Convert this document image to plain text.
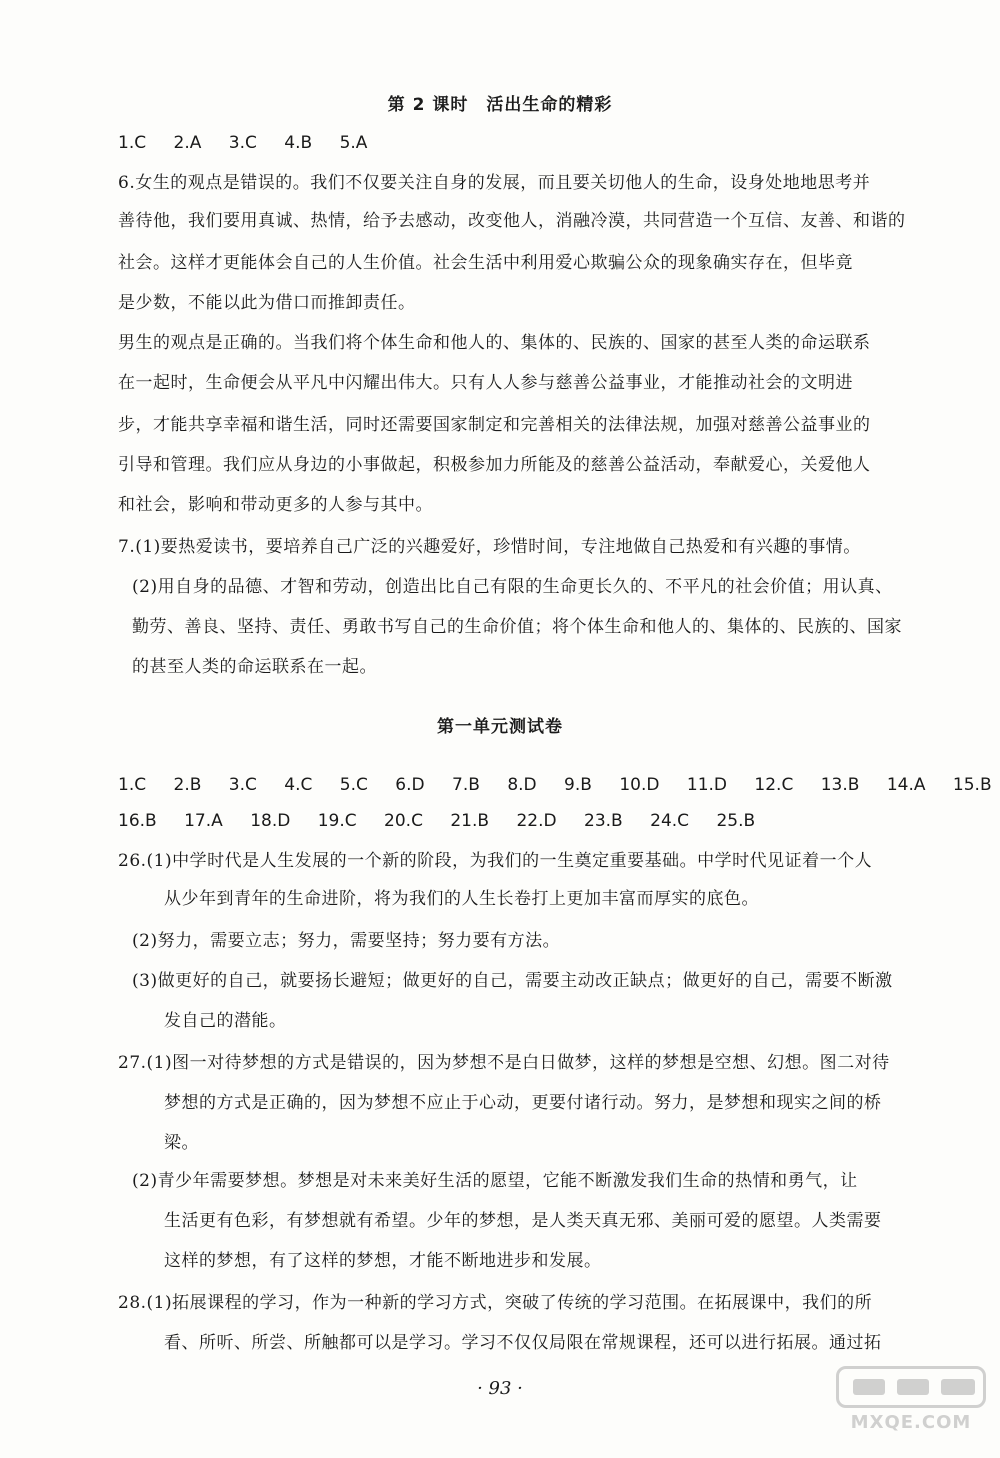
第 2 课时 活出生命的精彩
1.C 2.A 3.C 4.B 5.A
6.女生的观点是错误的。我们不仅要关注自身的发展，而且要关切他人的生命，设身处地地思考并
善待他，我们要用真诚、热情，给予去感动，改变他人，消融冷漠，共同营造一个互信、友善、和谐的
社会。这样才更能体会自己的人生价值。社会生活中利用爱心欺骗公众的现象确实存在，但毕竟
是少数，不能以此为借口而推卸责任。
男生的观点是正确的。当我们将个体生命和他人的、集体的、民族的、国家的甚至人类的命运联系
在一起时，生命便会从平凡中闪耀出伟大。只有人人参与慈善公益事业，才能推动社会的文明进
步，才能共享幸福和谐生活，同时还需要国家制定和完善相关的法律法规，加强对慈善公益事业的
引导和管理。我们应从身边的小事做起，积极参加力所能及的慈善公益活动，奉献爱心，关爱他人
和社会，影响和带动更多的人参与其中。
7.(1)要热爱读书，要培养自己广泛的兴趣爱好，珍惜时间，专注地做自己热爱和有兴趣的事情。
(2)用自身的品德、才智和劳动，创造出比自己有限的生命更长久的、不平凡的社会价值；用认真、
勤劳、善良、坚持、责任、勇敢书写自己的生命价值；将个体生命和他人的、集体的、民族的、国家
的甚至人类的命运联系在一起。
第一单元测试卷
1.C 2.B 3.C 4.C 5.C 6.D 7.B 8.D 9.B 10.D 11.D 12.C 13.B 14.A 15.B
16.B 17.A 18.D 19.C 20.C 21.B 22.D 23.B 24.C 25.B
26.(1)中学时代是人生发展的一个新的阶段，为我们的一生奠定重要基础。中学时代见证着一个人
从少年到青年的生命进阶，将为我们的人生长卷打上更加丰富而厚实的底色。
(2)努力，需要立志；努力，需要坚持；努力要有方法。
(3)做更好的自己，就要扬长避短；做更好的自己，需要主动改正缺点；做更好的自己，需要不断激
发自己的潜能。
27.(1)图一对待梦想的方式是错误的，因为梦想不是白日做梦，这样的梦想是空想、幻想。图二对待
梦想的方式是正确的，因为梦想不应止于心动，更要付诸行动。努力，是梦想和现实之间的桥
梁。
(2)青少年需要梦想。梦想是对未来美好生活的愿望，它能不断激发我们生命的热情和勇气，让
生活更有色彩，有梦想就有希望。少年的梦想，是人类天真无邪、美丽可爱的愿望。人类需要
这样的梦想，有了这样的梦想，才能不断地进步和发展。
28.(1)拓展课程的学习，作为一种新的学习方式，突破了传统的学习范围。在拓展课中，我们的所
看、所听、所尝、所触都可以是学习。学习不仅仅局限在常规课程，还可以进行拓展。通过拓
· 93 ·
MXQE.COM
